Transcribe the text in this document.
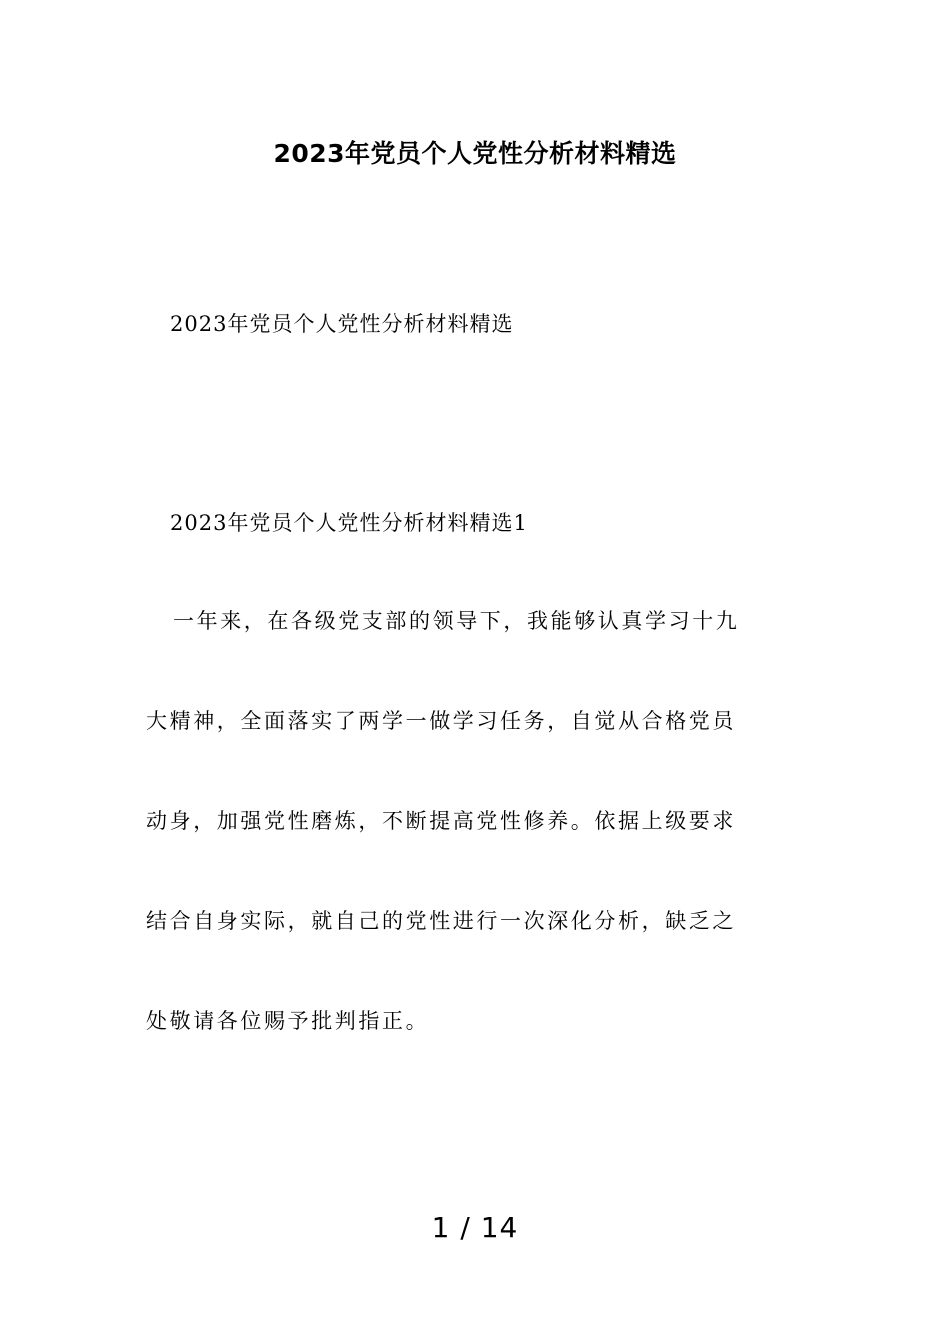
2023年党员个人党性分析材料精选
2023年党员个人党性分析材料精选
2023年党员个人党性分析材料精选1
一年来，在各级党支部的领导下，我能够认真学习十九
大精神，全面落实了两学一做学习任务，自觉从合格党员
动身，加强党性磨炼，不断提高党性修养。依据上级要求
结合自身实际，就自己的党性进行一次深化分析，缺乏之
处敬请各位赐予批判指正。
1 / 14
